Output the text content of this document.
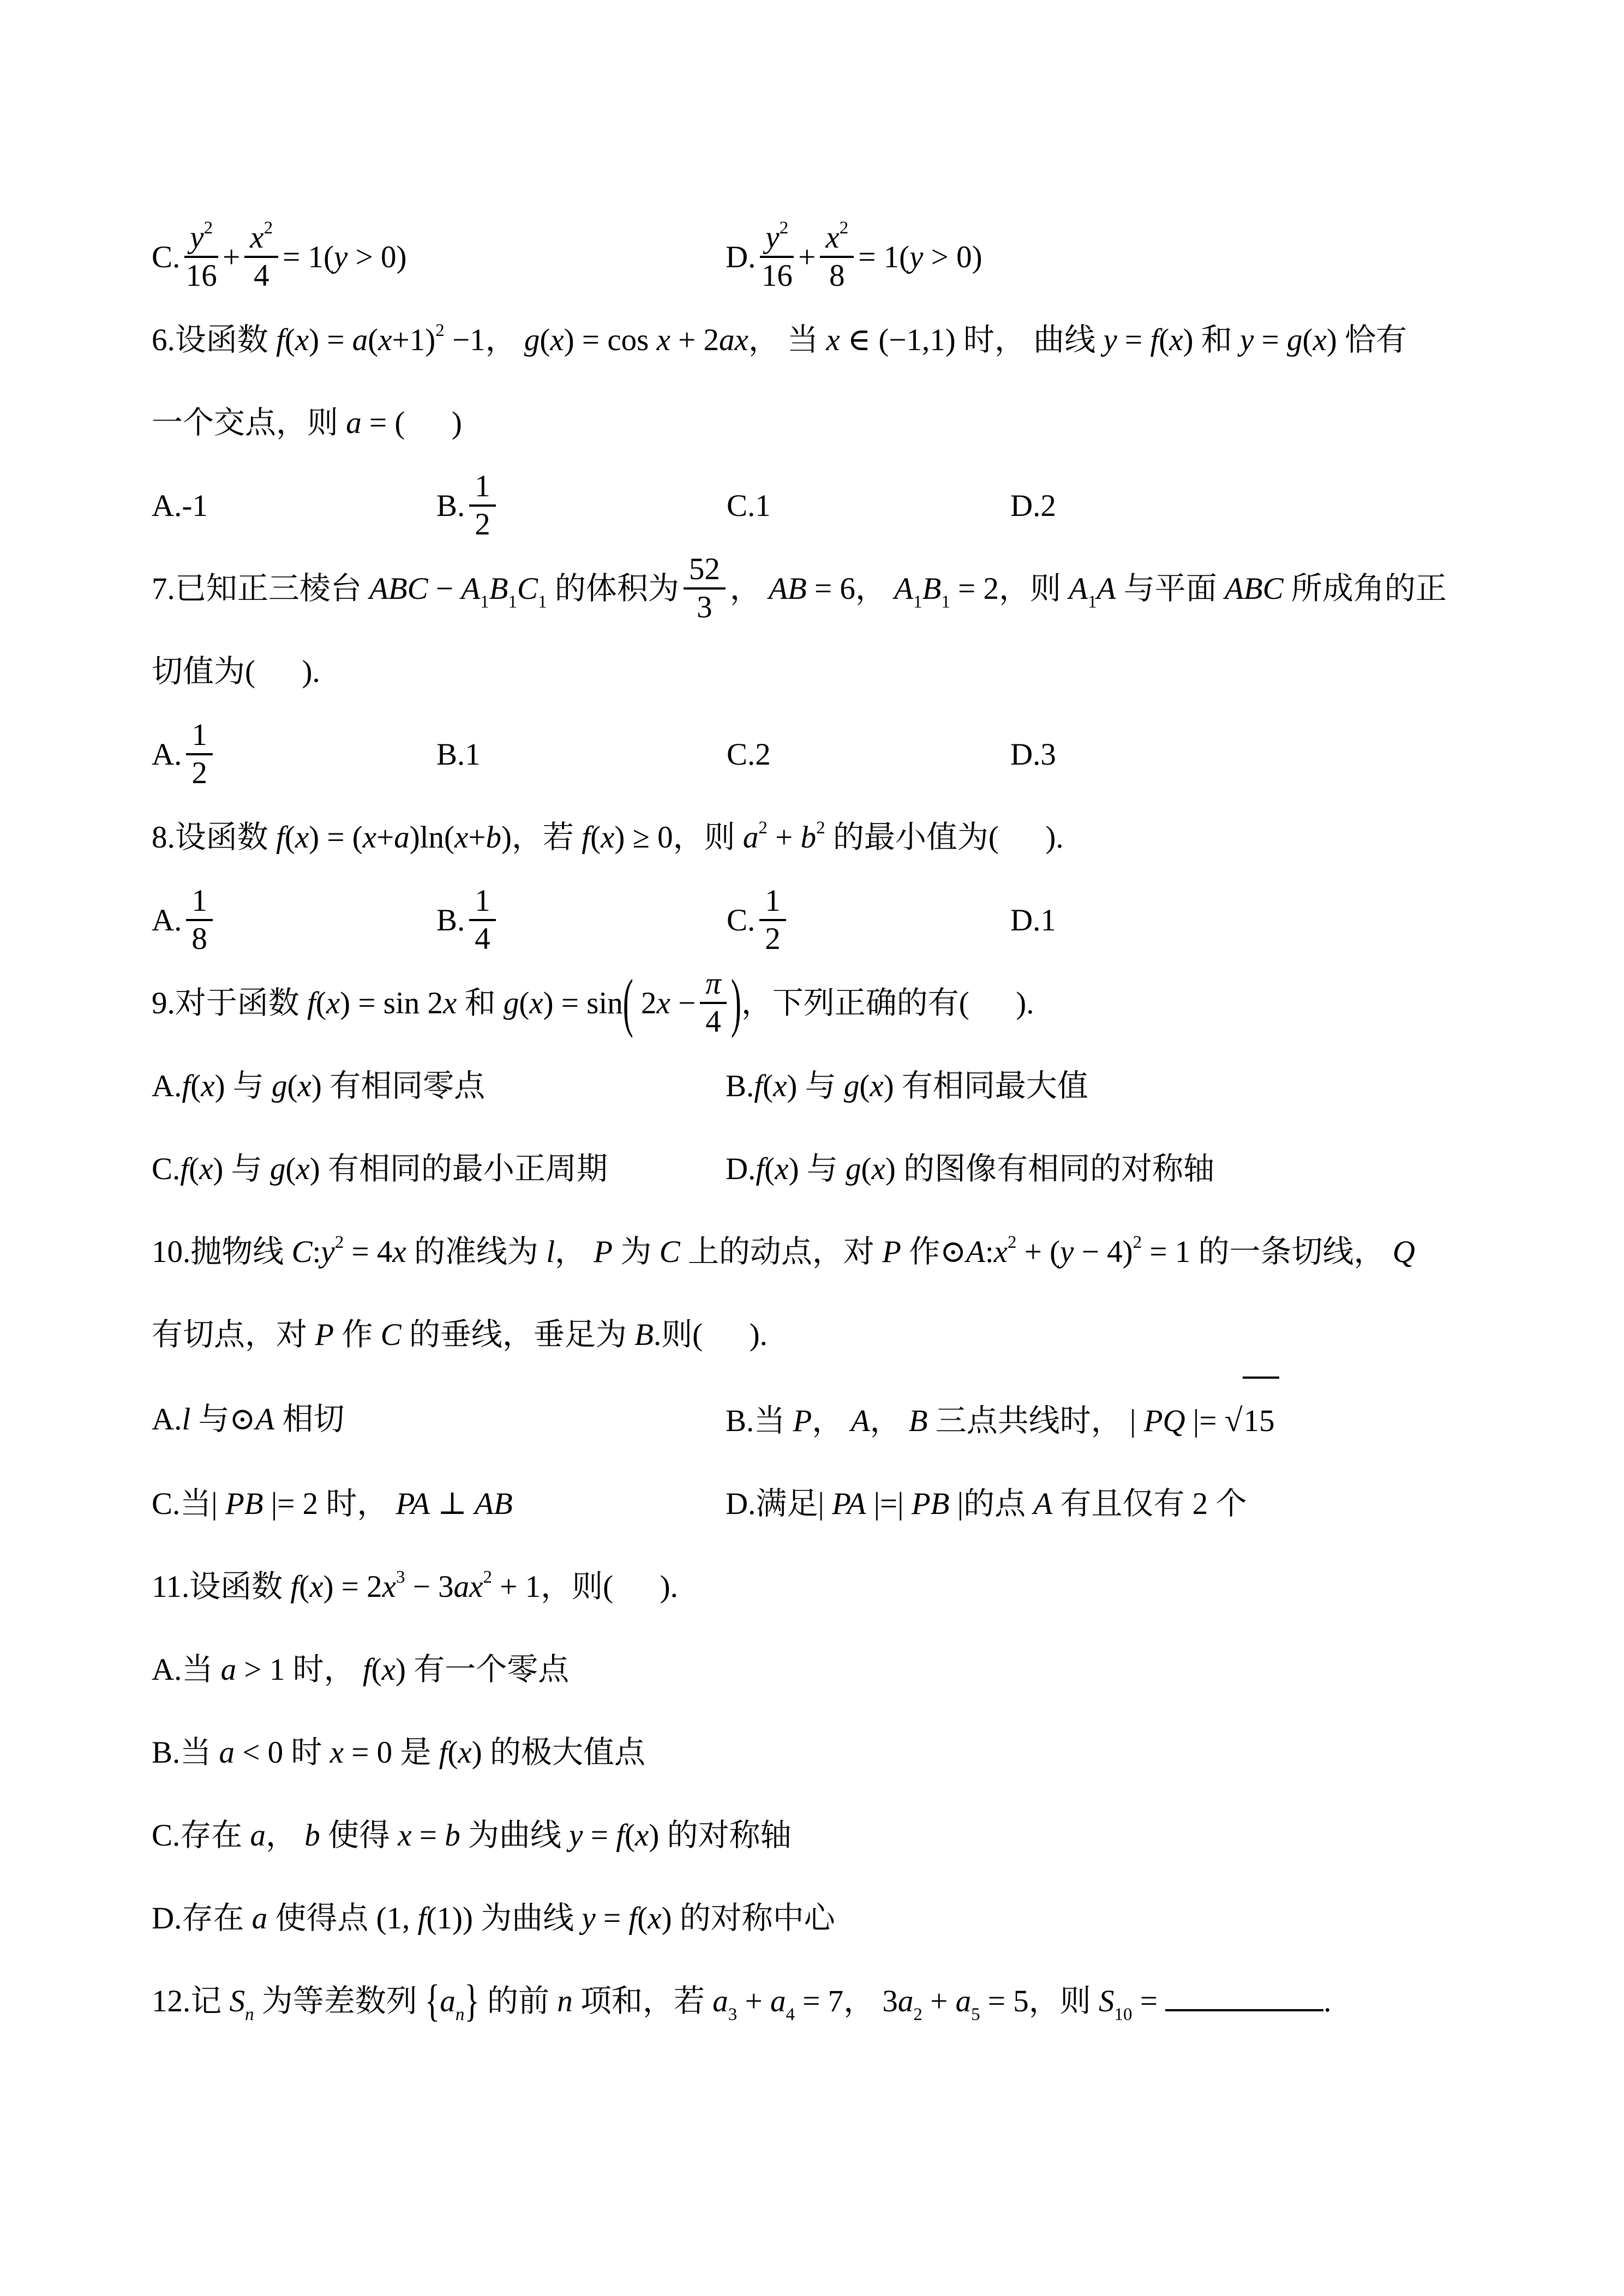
C. $\frac{y^2}{16} + \frac{x^2}{4} = 1(y > 0)$	D. $\frac{y^2}{16} + \frac{x^2}{8} = 1(y > 0)$
6.设函数 $f(x) = a(x+1)^2 -1$， g(x) = cos x + 2ax， 当 x ∈ (−1,1) 时， 曲线 y = f(x) 和 y = g(x) 恰有
一个交点，则 a = (      )
A.-1	B. $\frac{1}{2}$	C.1	D.2
7.已知正三棱台 ABC − $A_1B_1C_1$ 的体积为 $\frac{52}{3}$ ， AB = 6， $A_1B_1 = 2$，则 $A_1A$ 与平面 ABC 所成角的正
切值为(      ).
A. $\frac{1}{2}$	B.1	C.2	D.3
8.设函数 f(x) = (x+a)ln(x+b)，若 f(x) ≥ 0，则 $a^2 + b^2$ 的最小值为(      ).
A. $\frac{1}{8}$	B. $\frac{1}{4}$	C. $\frac{1}{2}$	D.1
9.对于函数 f(x) = sin 2x 和 g(x) = sin( $2x - \frac{\pi}{4}$ )，下列正确的有(      ).
A.f(x) 与 g(x) 有相同零点	B.f(x) 与 g(x) 有相同最大值
C.f(x) 与 g(x) 有相同的最小正周期	D.f(x) 与 g(x) 的图像有相同的对称轴
10.抛物线 $C:y^2 = 4x$ 的准线为 l， P 为 C 上的动点，对 P 作$⊙A:x^2 + (y - 4)^2 = 1$ 的一条切线， Q
有切点，对 P 作 C 的垂线，垂足为 B.则(      ).
A.l 与⊙A 相切	B.当 P， A， B 三点共线时， | PQ |= √15
C.当| PB |= 2 时， PA ⊥ AB	D.满足| PA |=| PB |的点 A 有且仅有 2 个
11.设函数 $f(x) = 2x^3 - 3ax^2 + 1$，则(      ).
A.当 a > 1 时， f(x) 有一个零点
B.当 a < 0 时 x = 0 是 f(x) 的极大值点
C.存在 a， b 使得 x = b 为曲线 y = f(x) 的对称轴
D.存在 a 使得点 (1, f(1)) 为曲线 y = f(x) 的对称中心
12.记 $S_n$ 为等差数列 $\{a_n\}$ 的前 n 项和，若 $a_3 + a_4 = 7$， $3a_2 + a_5 = 5$，则 $S_{10}$ =	.
